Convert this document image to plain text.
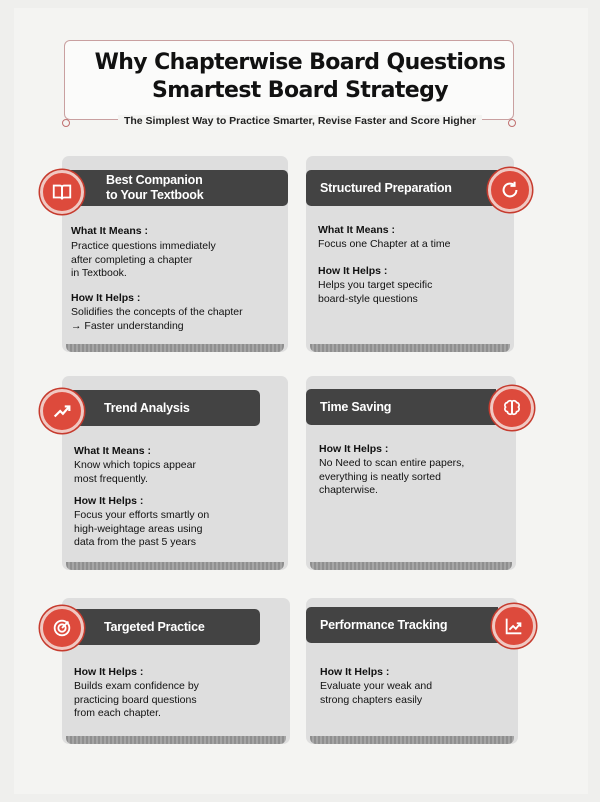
Why Chapterwise Board Questions
Smartest Board Strategy
The Simplest Way to Practice Smarter, Revise Faster and Score Higher
Best Companion
to Your Textbook
What It Means :
Practice questions immediately
after completing a chapter
in Textbook.
How It Helps :
Solidifies the concepts of the chapter
→ Faster understanding
Structured Preparation
What It Means :
Focus one Chapter at a time
How It Helps :
Helps you target specific
board-style questions
Trend Analysis
What It Means :
Know which topics appear
most frequently.
How It Helps :
Focus your efforts smartly on
high-weightage areas using
data from the past 5 years
Time Saving
How It Helps :
No Need to scan entire papers,
everything is neatly sorted
chapterwise.
Targeted Practice
How It Helps :
Builds exam confidence by
practicing board questions
from each chapter.
Performance Tracking
How It Helps :
Evaluate your weak and
strong chapters easily
